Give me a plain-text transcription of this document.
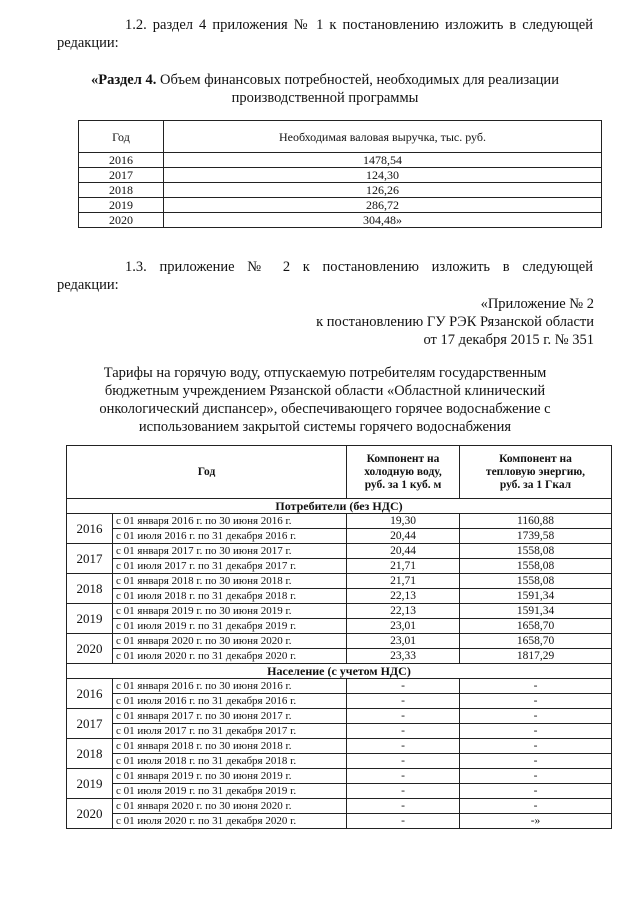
1.2. раздел 4 приложения № 1 к постановлению изложить в следующей
редакции:
«Раздел 4. Объем финансовых потребностей, необходимых для реализации
производственной программы
Год	Необходимая валовая выручка, тыс. руб.
2016	1478,54
2017	124,30
2018	126,26
2019	286,72
2020	304,48»
1.3. приложение № 2 к постановлению изложить в следующей
редакции:
«Приложение № 2
к постановлению ГУ РЭК Рязанской области
от 17 декабря 2015 г. № 351
Тарифы на горячую воду, отпускаемую потребителям государственным
бюджетным учреждением Рязанской области «Областной клинический
онкологический диспансер», обеспечивающего горячее водоснабжение с
использованием закрытой системы горячего водоснабжения
Год		Компонент на
холодную воду,
руб. за 1 куб. м	Компонент на
тепловую энергию,
руб. за 1 Гкал
Потребители (без НДС)			
2016	с 01 января 2016 г. по 30 июня 2016 г.	19,30	1160,88
	с 01 июля 2016 г. по 31 декабря 2016 г.	20,44	1739,58
2017	с 01 января 2017 г. по 30 июня 2017 г.	20,44	1558,08
	с 01 июля 2017 г. по 31 декабря 2017 г.	21,71	1558,08
2018	с 01 января 2018 г. по 30 июня 2018 г.	21,71	1558,08
	с 01 июля 2018 г. по 31 декабря 2018 г.	22,13	1591,34
2019	с 01 января 2019 г. по 30 июня 2019 г.	22,13	1591,34
	с 01 июля 2019 г. по 31 декабря 2019 г.	23,01	1658,70
2020	с 01 января 2020 г. по 30 июня 2020 г.	23,01	1658,70
	с 01 июля 2020 г. по 31 декабря 2020 г.	23,33	1817,29
Население (с учетом НДС)			
2016	с 01 января 2016 г. по 30 июня 2016 г.	-	-
	с 01 июля 2016 г. по 31 декабря 2016 г.	-	-
2017	с 01 января 2017 г. по 30 июня 2017 г.	-	-
	с 01 июля 2017 г. по 31 декабря 2017 г.	-	-
2018	с 01 января 2018 г. по 30 июня 2018 г.	-	-
	с 01 июля 2018 г. по 31 декабря 2018 г.	-	-
2019	с 01 января 2019 г. по 30 июня 2019 г.	-	-
	с 01 июля 2019 г. по 31 декабря 2019 г.	-	-
2020	с 01 января 2020 г. по 30 июня 2020 г.	-	-
	с 01 июля 2020 г. по 31 декабря 2020 г.	-	-»
